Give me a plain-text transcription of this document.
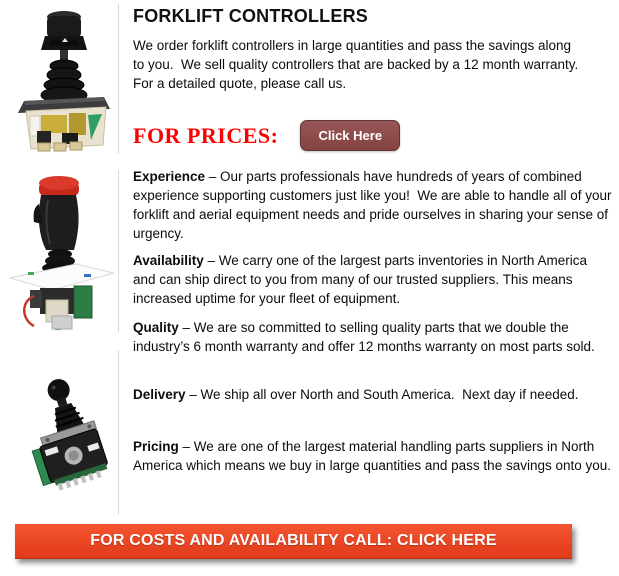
FORKLIFT CONTROLLERS

We order forklift controllers in large quantities and pass the savings along to you.  We sell quality controllers that are backed by a 12 month warranty.  For a detailed quote, please call us.

FOR PRICES:	Click Here

Experience – Our parts professionals have hundreds of years of combined experience supporting customers just like you!  We are able to handle all of your forklift and aerial equipment needs and pride ourselves in sharing your sense of urgency.

Availability – We carry one of the largest parts inventories in North America and can ship direct to you from many of our trusted suppliers. This means increased uptime for your fleet of equipment.

Quality – We are so committed to selling quality parts that we double the industry’s 6 month warranty and offer 12 months warranty on most parts sold.

Delivery – We ship all over North and South America.  Next day if needed.

Pricing – We are one of the largest material handling parts suppliers in North America which means we buy in large quantities and pass the savings onto you.

FOR COSTS AND AVAILABILITY CALL: CLICK HERE
